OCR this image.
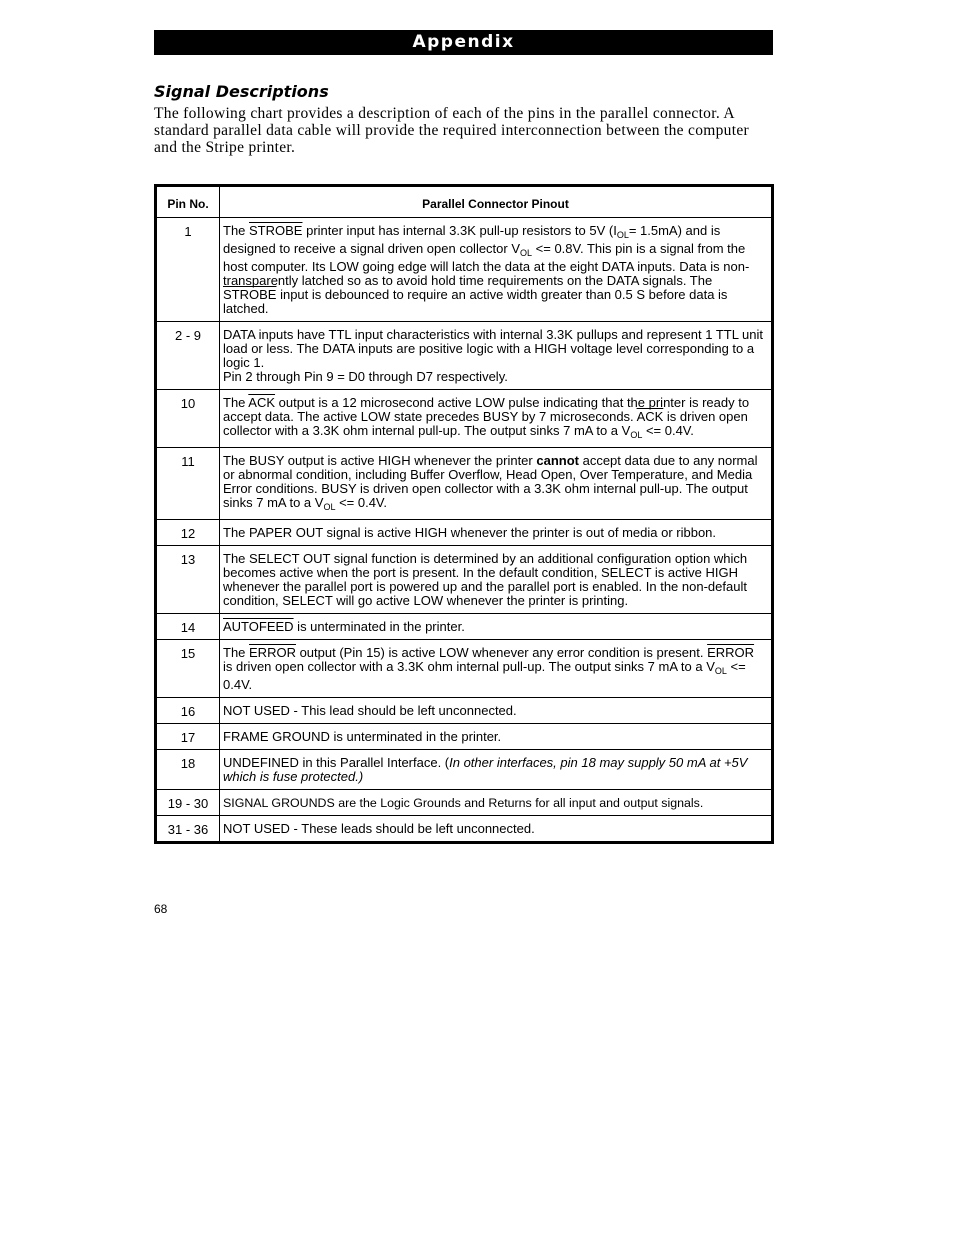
Appendix
Signal Descriptions
The following chart provides a description of each of the pins in the parallel connector. A standard parallel data cable will provide the required interconnection between the computer and the Stripe printer.
Pin No.	Parallel Connector Pinout
1	The STROBE printer input has internal 3.3K pull-up resistors to 5V $(I_{OL}= 1.5mA)$ and is designed to receive a signal driven open collector $V_{OL} <= 0.8V$. This pin is a signal from the host computer. Its LOW going edge will latch the data at the eight DATA inputs. Data is non-transparently latched so as to avoid hold time requirements on the DATA signals. The STROBE input is debounced to require an active width greater than 0.5 S before data is latched.
2 - 9	DATA inputs have TTL input characteristics with internal 3.3K pullups and represent 1 TTL unit load or less. The DATA inputs are positive logic with a HIGH voltage level corresponding to a logic 1.
Pin 2 through Pin 9 = D0 through D7 respectively.
10	The $\overline{ACK}$ output is a 12 microsecond active LOW pulse indicating that the printer is ready to accept data. The active LOW state precedes BUSY by 7 microseconds. $\overline{ACK}$ is driven open collector with a 3.3K ohm internal pull-up. The output sinks 7 mA to a $V_{OL} <= 0.4V$.
11	The BUSY output is active HIGH whenever the printer cannot accept data due to any normal or abnormal condition, including Buffer Overflow, Head Open, Over Temperature, and Media Error conditions. BUSY is driven open collector with a 3.3K ohm internal pull-up. The output sinks 7 mA to a $V_{OL} <= 0.4V$.
12	The PAPER OUT signal is active HIGH whenever the printer is out of media or ribbon.
13	The SELECT OUT signal function is determined by an additional configuration option which becomes active when the port is present. In the default condition, SELECT is active HIGH whenever the parallel port is powered up and the parallel port is enabled. In the non-default condition, SELECT will go active LOW whenever the printer is printing.
14	AUTOFEED is unterminated in the printer.
15	The ERROR output (Pin 15) is active LOW whenever any error condition is present. ERROR is driven open collector with a 3.3K ohm internal pull-up. The output sinks 7 mA to a $V_{OL} <= 0.4V$.
16	NOT USED - This lead should be left unconnected.
17	FRAME GROUND is unterminated in the printer.
18	UNDEFINED in this Parallel Interface. (In other interfaces, pin 18 may supply 50 mA at +5V which is fuse protected.)
19 - 30	SIGNAL GROUNDS are the Logic Grounds and Returns for all input and output signals.
31 - 36	NOT USED - These leads should be left unconnected.
68
